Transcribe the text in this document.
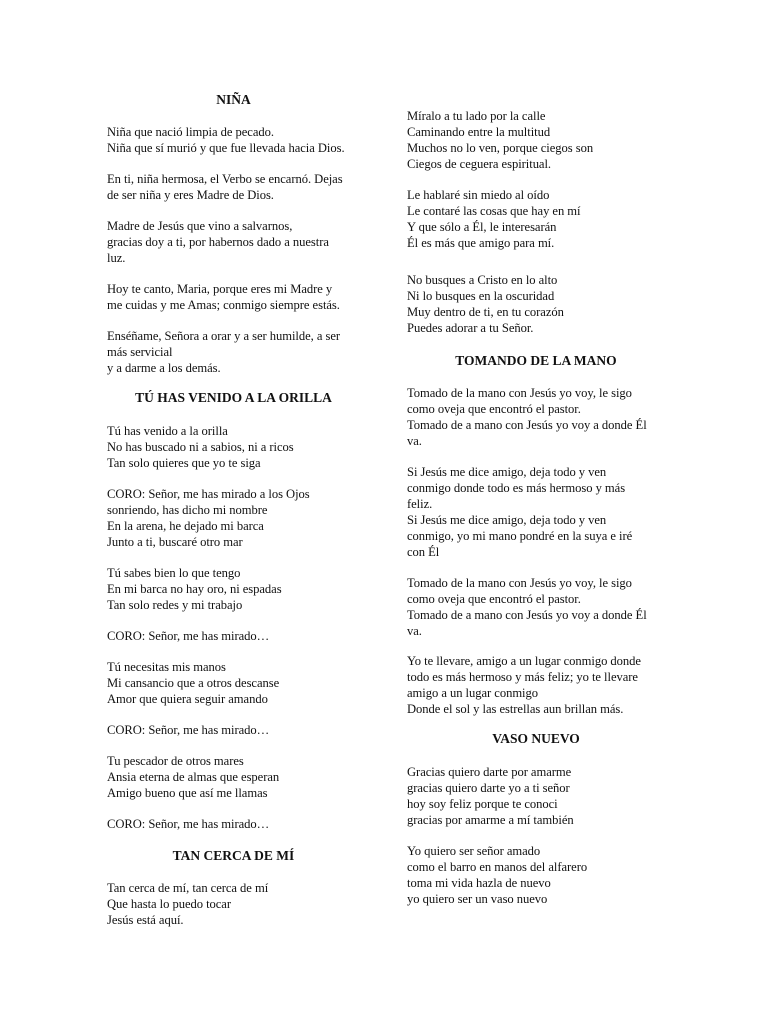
NIÑA
Niña que nació limpia de pecado.
Niña que sí murió y que fue llevada hacia Dios.
En ti, niña hermosa, el Verbo se encarnó. Dejas
de ser niña y eres Madre de Dios.
Madre de Jesús que vino a salvarnos,
gracias doy a ti, por habernos dado a nuestra
luz.
Hoy te canto, Maria, porque eres mi Madre y
me cuidas y me Amas; conmigo siempre estás.
Enséñame, Señora a orar y a ser humilde, a ser
más servicial
y a darme a los demás.
TÚ HAS VENIDO A LA ORILLA
Tú has venido a la orilla
No has buscado ni a sabios, ni a ricos
Tan solo quieres que yo te siga
CORO: Señor, me has mirado a los Ojos
sonriendo, has dicho mi nombre
En la arena, he dejado mi barca
Junto a ti, buscaré otro mar
Tú sabes bien lo que tengo
En mi barca no hay oro, ni espadas
Tan solo redes y mi trabajo
CORO: Señor, me has mirado…
Tú necesitas mis manos
Mi cansancio que a otros descanse
Amor que quiera seguir amando
CORO: Señor, me has mirado…
Tu pescador de otros mares
Ansia eterna de almas que esperan
Amigo bueno que así me llamas
CORO: Señor, me has mirado…
TAN CERCA DE MÍ
Tan cerca de mí, tan cerca de mí
Que hasta lo puedo tocar
Jesús está aquí.
Míralo a tu lado por la calle
Caminando entre la multitud
Muchos no lo ven, porque ciegos son
Ciegos de ceguera espiritual.
Le hablaré sin miedo al oído
Le contaré las cosas que hay en mí
Y que sólo a Él, le interesarán
Él es más que amigo para mí.
No busques a Cristo en lo alto
Ni lo busques en la oscuridad
Muy dentro de ti, en tu corazón
Puedes adorar a tu Señor.
TOMANDO DE LA MANO
Tomado de la mano con Jesús yo voy, le sigo
como oveja que encontró el pastor.
Tomado de a mano con Jesús yo voy a donde Él
va.
Si Jesús me dice amigo, deja todo y ven
conmigo donde todo es más hermoso y más
feliz.
Si Jesús me dice amigo, deja todo y ven
conmigo, yo mi mano pondré en la suya e iré
con Él
Tomado de la mano con Jesús yo voy, le sigo
como oveja que encontró el pastor.
Tomado de a mano con Jesús yo voy a donde Él
va.
Yo te llevare, amigo a un lugar conmigo donde
todo es más hermoso y más feliz; yo te llevare
amigo a un lugar conmigo
Donde el sol y las estrellas aun brillan más.
VASO NUEVO
Gracias quiero darte por amarme
gracias quiero darte yo a ti señor
hoy soy feliz porque te conoci
gracias por amarme a mí también
Yo quiero ser señor amado
como el barro en manos del alfarero
toma mi vida hazla de nuevo
yo quiero ser un vaso nuevo
